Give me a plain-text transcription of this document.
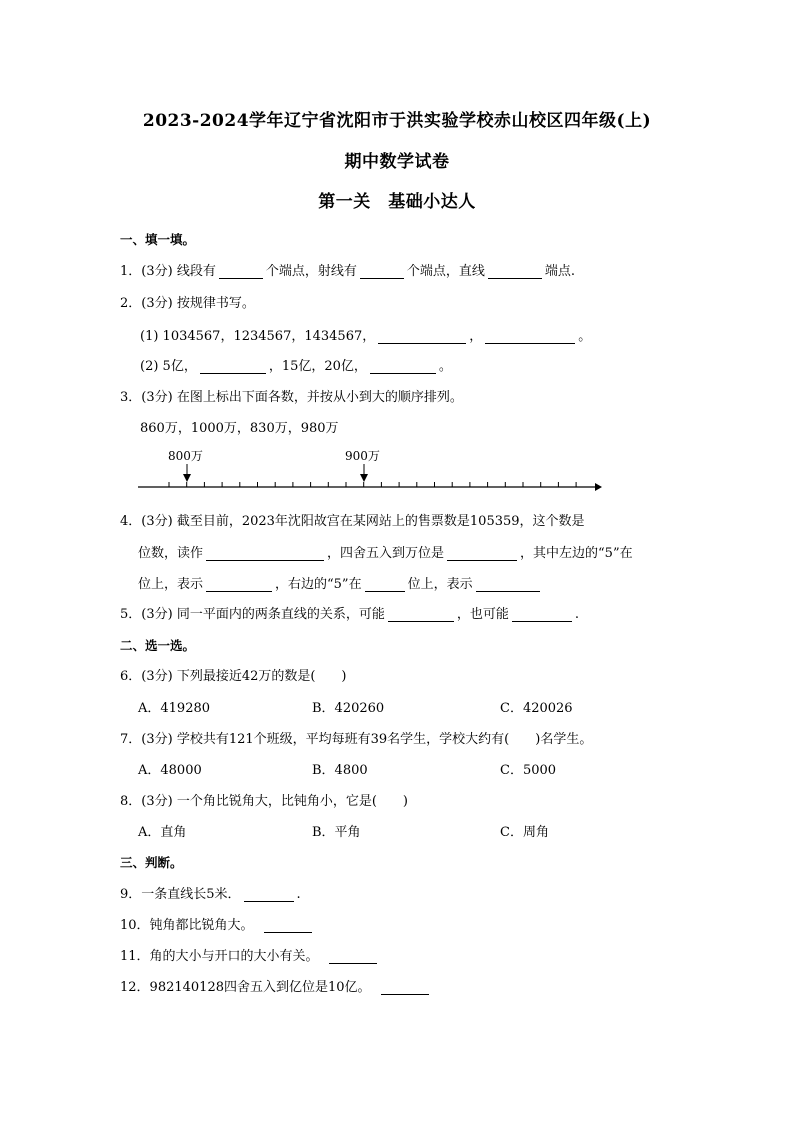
2023-2024学年辽宁省沈阳市于洪实验学校赤山校区四年级(上)
期中数学试卷
第一关　基础小达人
一、填一填。
1．(3分) 线段有	个端点，射线有	个端点，直线	端点.
2．(3分) 按规律书写。
(1) 1034567，1234567，1434567，	，	。
(2) 5亿，	，15亿，20亿，	。
3．(3分) 在图上标出下面各数，并按从小到大的顺序排列。
860万，1000万，830万，980万
800万	900万
4．(3分) 截至目前，2023年沈阳故宫在某网站上的售票数是105359，这个数是
位数，读作	，四舍五入到万位是	，其中左边的“5”在
位上，表示	，右边的“5”在	位上，表示
5．(3分) 同一平面内的两条直线的关系，可能	，也可能	.
二、选一选。
6．(3分) 下列最接近42万的数是(　　)
A．419280	B．420260	C．420026
7．(3分) 学校共有121个班级，平均每班有39名学生，学校大约有(　　)名学生。
A．48000	B．4800	C．5000
8．(3分) 一个角比锐角大，比钝角小，它是(　　)
A．直角	B．平角	C．周角
三、判断。
9．一条直线长5米．	.
10．钝角都比锐角大。
11．角的大小与开口的大小有关。
12．982140128四舍五入到亿位是10亿。
